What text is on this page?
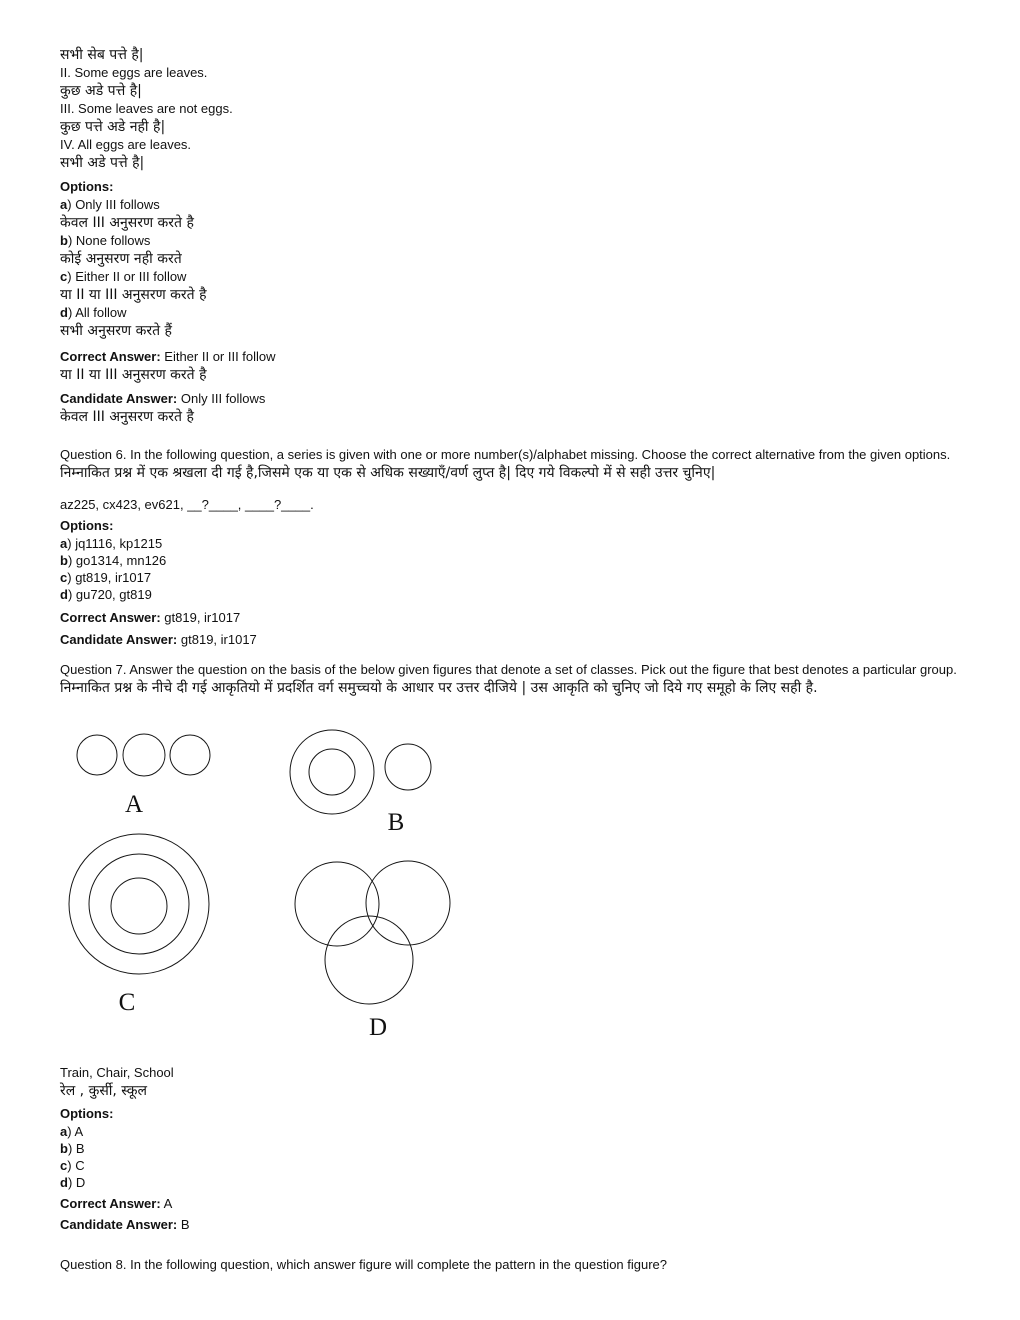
सभी सेब पत्ते है|
II. Some eggs are leaves.
कुछ अडे पत्ते है|
III. Some leaves are not eggs.
कुछ पत्ते अडे नही है|
IV. All eggs are leaves.
सभी अडे पत्ते है|
Options:
a) Only III follows
केवल III अनुसरण करते है
b) None follows
कोई अनुसरण नही करते
c) Either II or III follow
या II या III अनुसरण करते है
d) All follow
सभी अनुसरण करते हैं
Correct Answer: Either II or III follow
या II या III अनुसरण करते है
Candidate Answer: Only III follows
केवल III अनुसरण करते है
Question 6. In the following question, a series is given with one or more number(s)/alphabet missing. Choose the correct alternative from the given options.
निम्नाकित प्रश्न में एक श्रखला दी गई है,जिसमे एक या एक से अधिक सख्याएँ/वर्ण लुप्त है| दिए गये विकल्पो में से सही उत्तर चुनिए|
az225, cx423, ev621, __?____, ____?____.
Options:
a) jq1116, kp1215
b) go1314, mn126
c) gt819, ir1017
d) gu720, gt819
Correct Answer: gt819, ir1017
Candidate Answer: gt819, ir1017
Question 7. Answer the question on the basis of the below given figures that denote a set of classes. Pick out the figure that best denotes a particular group.
निम्नाकित प्रश्न के नीचे दी गई आकृतियो में प्रदर्शित वर्ग समुच्चयो के आधार पर उत्तर दीजिये | उस आकृति को चुनिए जो दिये गए समूहो के लिए सही है.
A
B
C
D
Train, Chair, School
रेल , कुर्सी, स्कूल
Options:
a) A
b) B
c) C
d) D
Correct Answer: A
Candidate Answer: B
Question 8. In the following question, which answer figure will complete the pattern in the question figure?
